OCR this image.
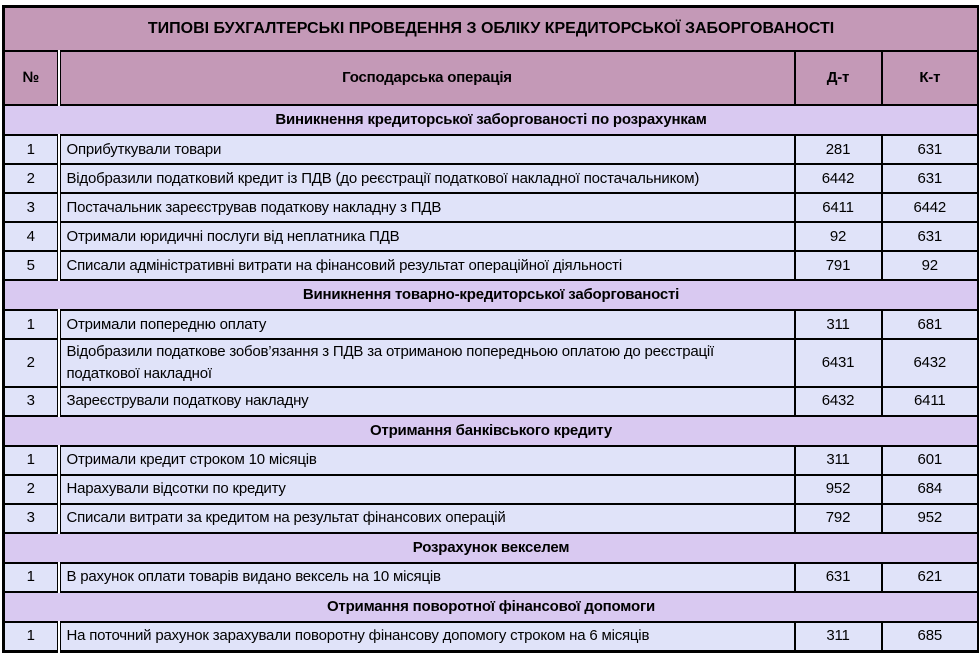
ТИПОВІ БУХГАЛТЕРСЬКІ ПРОВЕДЕННЯ З ОБЛІКУ КРЕДИТОРСЬКОЇ ЗАБОРГОВАНОСТІ			
№	Господарська операція	Д-т	К-т
Виникнення кредиторської заборгованості по розрахункам			
1	Оприбуткували товари	281	631
2	Відобразили податковий кредит із ПДВ (до реєстрації податкової накладної постачальником)	6442	631
3	Постачальник зареєстрував податкову накладну з ПДВ	6411	6442
4	Отримали юридичні послуги від неплатника ПДВ	92	631
5	Списали адміністративні витрати на фінансовий результат операційної діяльності	791	92
Виникнення товарно-кредиторської заборгованості			
1	Отримали попередню оплату	311	681
2	Відобразили податкове зобов’язання з ПДВ за отриманою попередньою оплатою до реєстрації податкової накладної	6431	6432
3	Зареєстрували податкову накладну	6432	6411
Отримання банківського кредиту			
1	Отримали кредит строком 10 місяців	311	601
2	Нарахували відсотки по кредиту	952	684
3	Списали витрати за кредитом на результат фінансових операцій	792	952
Розрахунок векселем			
1	В рахунок оплати товарів видано вексель на 10 місяців	631	621
Отримання поворотної фінансової допомоги			
1	На поточний рахунок зарахували поворотну фінансову допомогу строком на 6 місяців	311	685
